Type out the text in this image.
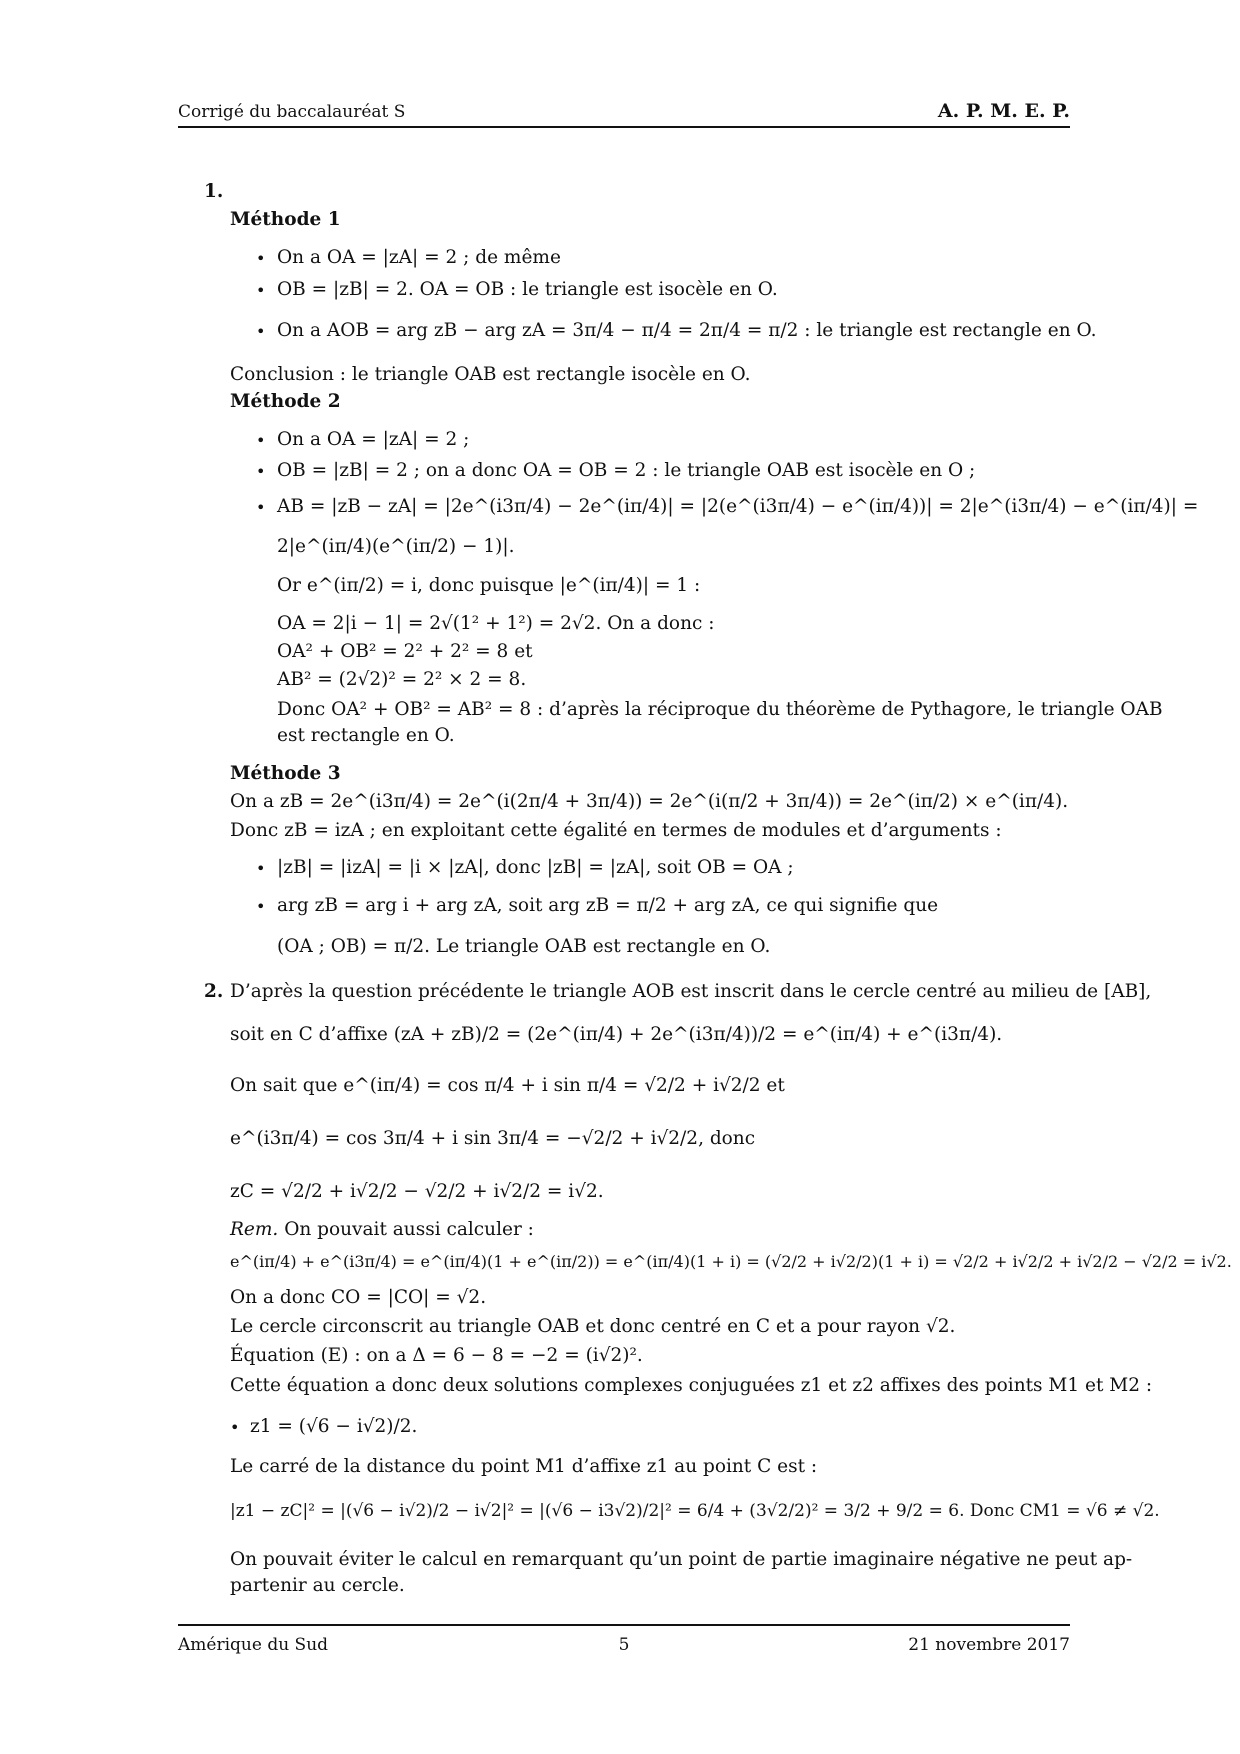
Corrigé du baccalauréat S	A. P. M. E. P.
1.
Méthode 1
• On a OA = |zA| = 2 ; de même
• OB = |zB| = 2. OA = OB : le triangle est isocèle en O.
• On a AOB = arg zB − arg zA = 3π/4 − π/4 = 2π/4 = π/2 : le triangle est rectangle en O.
Conclusion : le triangle OAB est rectangle isocèle en O.
Méthode 2
• On a OA = |zA| = 2 ;
• OB = |zB| = 2 ; on a donc OA = OB = 2 : le triangle OAB est isocèle en O ;
• AB = |zB − zA| = |2e^(i3π/4) − 2e^(iπ/4)| = |2(e^(i3π/4) − e^(iπ/4))| = 2|e^(i3π/4) − e^(iπ/4)| =
2|e^(iπ/4)(e^(iπ/2) − 1)|.
Or e^(iπ/2) = i, donc puisque |e^(iπ/4)| = 1 :
OA = 2|i − 1| = 2√(1² + 1²) = 2√2. On a donc :
OA² + OB² = 2² + 2² = 8 et
AB² = (2√2)² = 2² × 2 = 8.
Donc OA² + OB² = AB² = 8 : d’après la réciproque du théorème de Pythagore, le triangle OAB
est rectangle en O.
Méthode 3
On a zB = 2e^(i3π/4) = 2e^(i(2π/4 + 3π/4)) = 2e^(i(π/2 + 3π/4)) = 2e^(iπ/2) × e^(iπ/4).
Donc zB = izA ; en exploitant cette égalité en termes de modules et d’arguments :
• |zB| = |izA| = |i × |zA|, donc |zB| = |zA|, soit OB = OA ;
• arg zB = arg i + arg zA, soit arg zB = π/2 + arg zA, ce qui signifie que
(OA ; OB) = π/2. Le triangle OAB est rectangle en O.
2. D’après la question précédente le triangle AOB est inscrit dans le cercle centré au milieu de [AB],
soit en C d’affixe (zA + zB)/2 = (2e^(iπ/4) + 2e^(i3π/4))/2 = e^(iπ/4) + e^(i3π/4).
On sait que e^(iπ/4) = cos π/4 + i sin π/4 = √2/2 + i√2/2 et
e^(i3π/4) = cos 3π/4 + i sin 3π/4 = −√2/2 + i√2/2, donc
zC = √2/2 + i√2/2 − √2/2 + i√2/2 = i√2.
Rem. On pouvait aussi calculer :
e^(iπ/4) + e^(i3π/4) = e^(iπ/4)(1 + e^(iπ/2)) = e^(iπ/4)(1 + i) = (√2/2 + i√2/2)(1 + i) = √2/2 + i√2/2 + i√2/2 − √2/2 = i√2.
On a donc CO = |CO| = √2.
Le cercle circonscrit au triangle OAB et donc centré en C et a pour rayon √2.
Équation (E) : on a Δ = 6 − 8 = −2 = (i√2)².
Cette équation a donc deux solutions complexes conjuguées z1 et z2 affixes des points M1 et M2 :
• z1 = (√6 − i√2)/2.
Le carré de la distance du point M1 d’affixe z1 au point C est :
|z1 − zC|² = |(√6 − i√2)/2 − i√2|² = |(√6 − i3√2)/2|² = 6/4 + (3√2/2)² = 3/2 + 9/2 = 6. Donc CM1 = √6 ≠ √2.
On pouvait éviter le calcul en remarquant qu’un point de partie imaginaire négative ne peut ap-
partenir au cercle.
Amérique du Sud	5	21 novembre 2017
